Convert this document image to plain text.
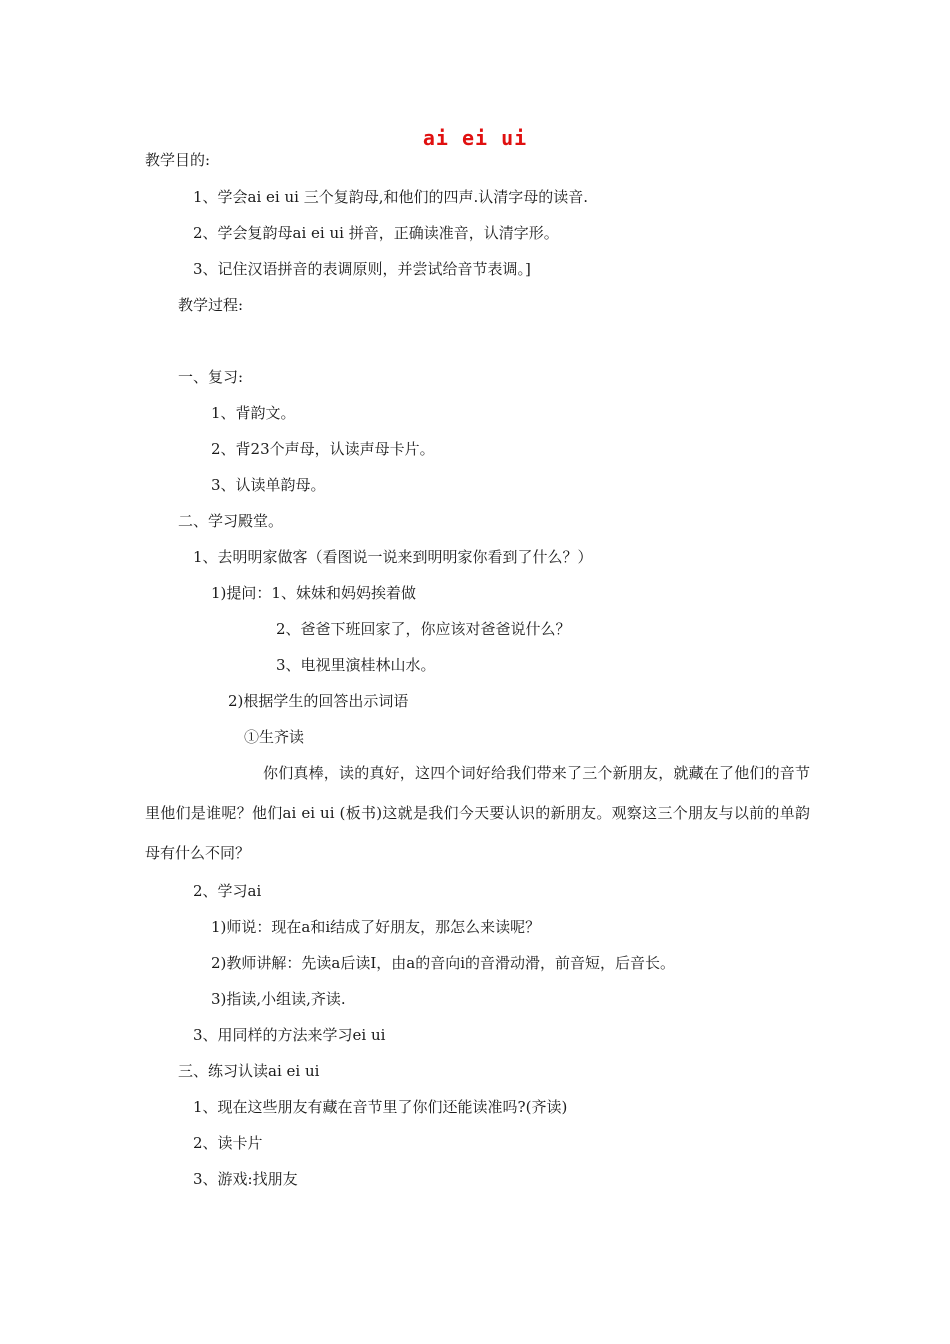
ai ei ui
教学目的:
1、学会ai ei ui 三个复韵母,和他们的四声.认清字母的读音.
2、学会复韵母ai ei ui 拼音，正确读准音，认清字形。
3、记住汉语拼音的表调原则，并尝试给音节表调。]
教学过程:
一、复习:
1、背韵文。
2、背23个声母，认读声母卡片。
3、认读单韵母。
二、学习殿堂。
1、去明明家做客（看图说一说来到明明家你看到了什么？）
1)提问：1、妹妹和妈妈挨着做
2、爸爸下班回家了，你应该对爸爸说什么？
3、电视里演桂林山水。
2)根据学生的回答出示词语
①生齐读
你们真棒，读的真好，这四个词好给我们带来了三个新朋友，就藏在了他们的音节里他们是谁呢？他们ai ei ui (板书)这就是我们今天要认识的新朋友。观察这三个朋友与以前的单韵母有什么不同？
2、学习ai
1)师说：现在a和i结成了好朋友，那怎么来读呢？
2)教师讲解：先读a后读I，由a的音向i的音滑动滑，前音短，后音长。
3)指读,小组读,齐读.
3、用同样的方法来学习ei ui
三、练习认读ai ei ui
1、现在这些朋友有藏在音节里了你们还能读准吗?(齐读)
2、读卡片
3、游戏:找朋友
